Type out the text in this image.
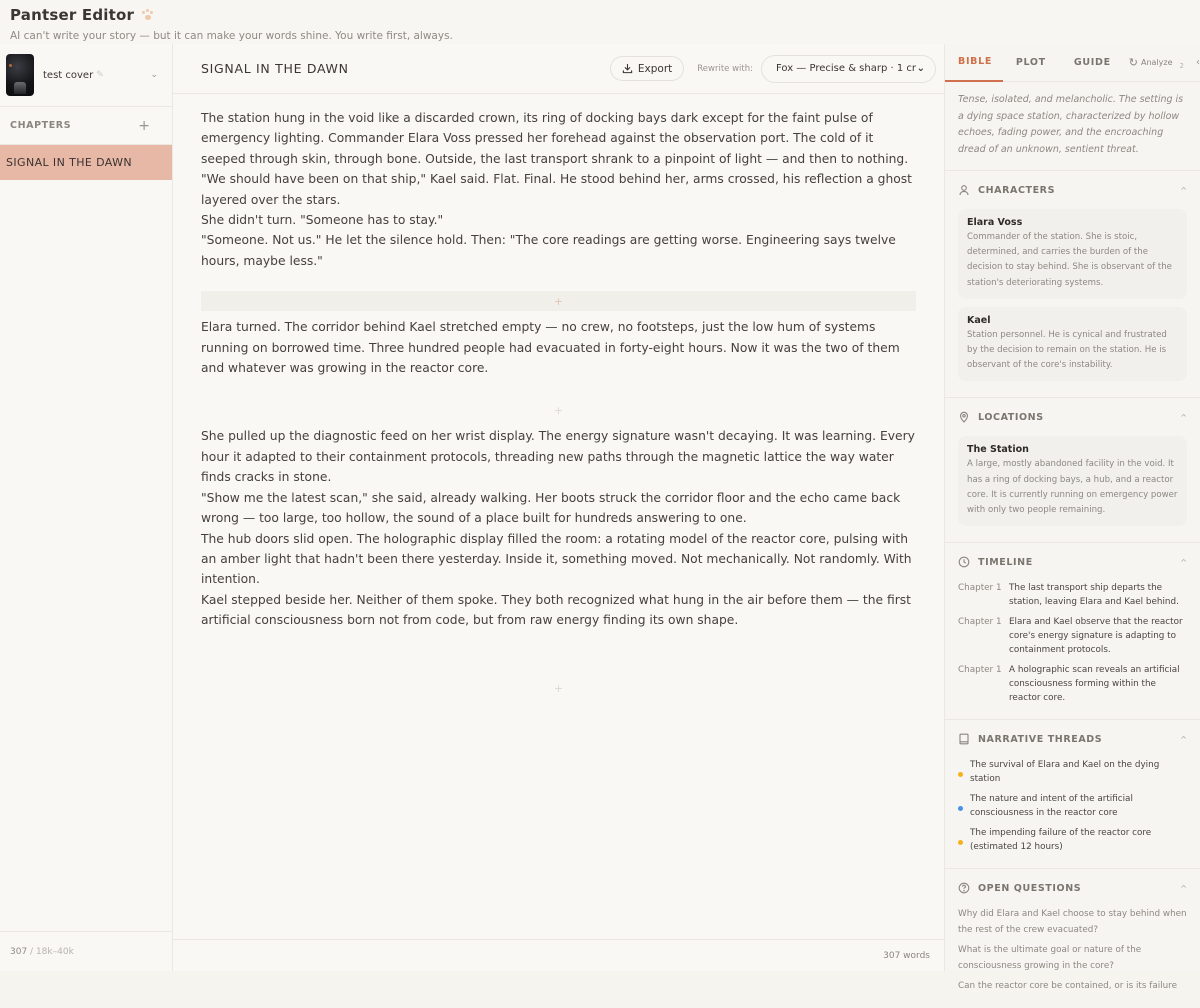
Pantser Editor
AI can't write your story — but it can make your words shine. You write first, always.
test cover ✎	⌄
CHAPTERS	+
SIGNAL IN THE DAWN
307 / 18k–40k
SIGNAL IN THE DAWN	Export	Rewrite with: Fox — Precise & sharp · 1 cr ⌄

The station hung in the void like a discarded crown, its ring of docking bays dark except for the faint pulse of emergency lighting. Commander Elara Voss pressed her forehead against the observation port. The cold of it seeped through skin, through bone. Outside, the last transport shrank to a pinpoint of light — and then to nothing.

"We should have been on that ship," Kael said. Flat. Final. He stood behind her, arms crossed, his reflection a ghost layered over the stars.

She didn't turn. "Someone has to stay."

"Someone. Not us." He let the silence hold. Then: "The core readings are getting worse. Engineering says twelve hours, maybe less."

+

Elara turned. The corridor behind Kael stretched empty — no crew, no footsteps, just the low hum of systems running on borrowed time. Three hundred people had evacuated in forty-eight hours. Now it was the two of them and whatever was growing in the reactor core.

+

She pulled up the diagnostic feed on her wrist display. The energy signature wasn't decaying. It was learning. Every hour it adapted to their containment protocols, threading new paths through the magnetic lattice the way water finds cracks in stone.

"Show me the latest scan," she said, already walking. Her boots struck the corridor floor and the echo came back wrong — too large, too hollow, the sound of a place built for hundreds answering to one.

The hub doors slid open. The holographic display filled the room: a rotating model of the reactor core, pulsing with an amber light that hadn't been there yesterday. Inside it, something moved. Not mechanically. Not randomly. With intention.

Kael stepped beside her. Neither of them spoke. They both recognized what hung in the air before them — the first artificial consciousness born not from code, but from raw energy finding its own shape.

+
307 words
BIBLE	PLOT	GUIDE ↻ Analyze 2 ‹
Tense, isolated, and melancholic. The setting is a dying space station, characterized by hollow echoes, fading power, and the encroaching dread of an unknown, sentient threat.
CHARACTERS	^
Elara Voss
Commander of the station. She is stoic, determined, and carries the burden of the decision to stay behind. She is observant of the station's deteriorating systems.
Kael
Station personnel. He is cynical and frustrated by the decision to remain on the station. He is observant of the core's instability.
LOCATIONS	^
The Station
A large, mostly abandoned facility in the void. It has a ring of docking bays, a hub, and a reactor core. It is currently running on emergency power with only two people remaining.
TIMELINE	^
Chapter 1 The last transport ship departs the station, leaving Elara and Kael behind.
Chapter 1 Elara and Kael observe that the reactor core's energy signature is adapting to containment protocols.
Chapter 1 A holographic scan reveals an artificial consciousness forming within the reactor core.
NARRATIVE THREADS	^
The survival of Elara and Kael on the dying station
The nature and intent of the artificial consciousness in the reactor core
The impending failure of the reactor core (estimated 12 hours)
OPEN QUESTIONS	^
Why did Elara and Kael choose to stay behind when the rest of the crew evacuated?
What is the ultimate goal or nature of the consciousness growing in the core?
Can the reactor core be contained, or is its failure
